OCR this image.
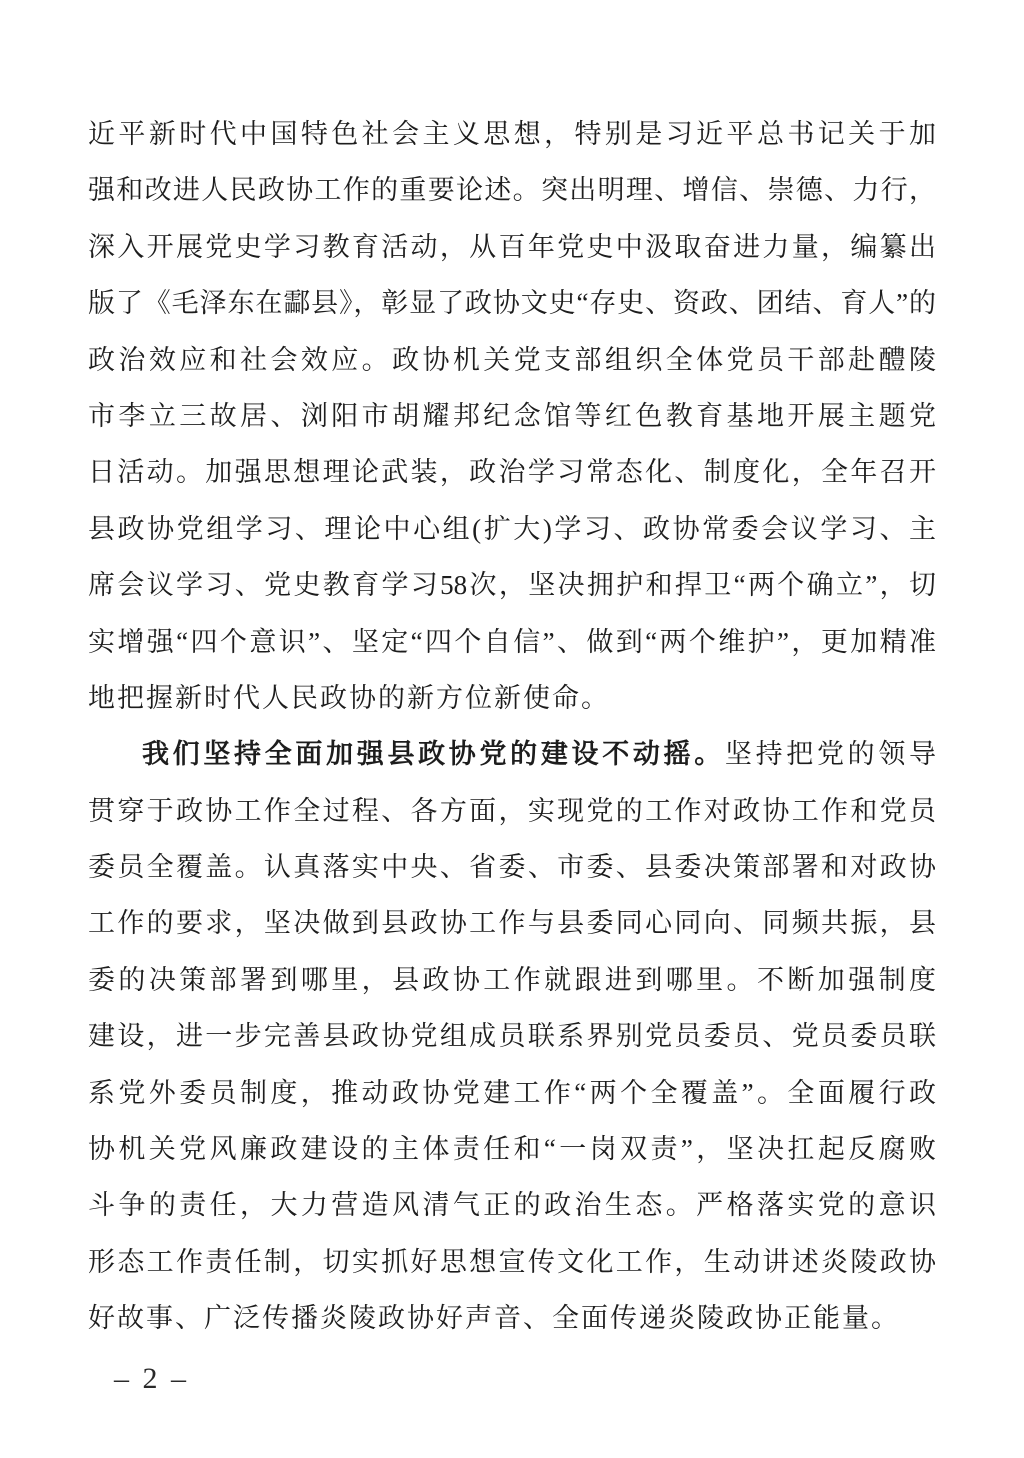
近平新时代中国特色社会主义思想，特别是习近平总书记关于加
强和改进人民政协工作的重要论述。突出明理、增信、崇德、力行，
深入开展党史学习教育活动，从百年党史中汲取奋进力量，编纂出
版了《毛泽东在酃县》，彰显了政协文史“存史、资政、团结、育人”的
政治效应和社会效应。政协机关党支部组织全体党员干部赴醴陵
市李立三故居、浏阳市胡耀邦纪念馆等红色教育基地开展主题党
日活动。加强思想理论武装，政治学习常态化、制度化，全年召开
县政协党组学习、理论中心组(扩大)学习、政协常委会议学习、主
席会议学习、党史教育学习58次，坚决拥护和捍卫“两个确立”，切
实增强“四个意识”、坚定“四个自信”、做到“两个维护”，更加精准
地把握新时代人民政协的新方位新使命。
我们坚持全面加强县政协党的建设不动摇。坚持把党的领导
贯穿于政协工作全过程、各方面，实现党的工作对政协工作和党员
委员全覆盖。认真落实中央、省委、市委、县委决策部署和对政协
工作的要求，坚决做到县政协工作与县委同心同向、同频共振，县
委的决策部署到哪里，县政协工作就跟进到哪里。不断加强制度
建设，进一步完善县政协党组成员联系界别党员委员、党员委员联
系党外委员制度，推动政协党建工作“两个全覆盖”。全面履行政
协机关党风廉政建设的主体责任和“一岗双责”，坚决扛起反腐败
斗争的责任，大力营造风清气正的政治生态。严格落实党的意识
形态工作责任制，切实抓好思想宣传文化工作，生动讲述炎陵政协
好故事、广泛传播炎陵政协好声音、全面传递炎陵政协正能量。
– 2 –
